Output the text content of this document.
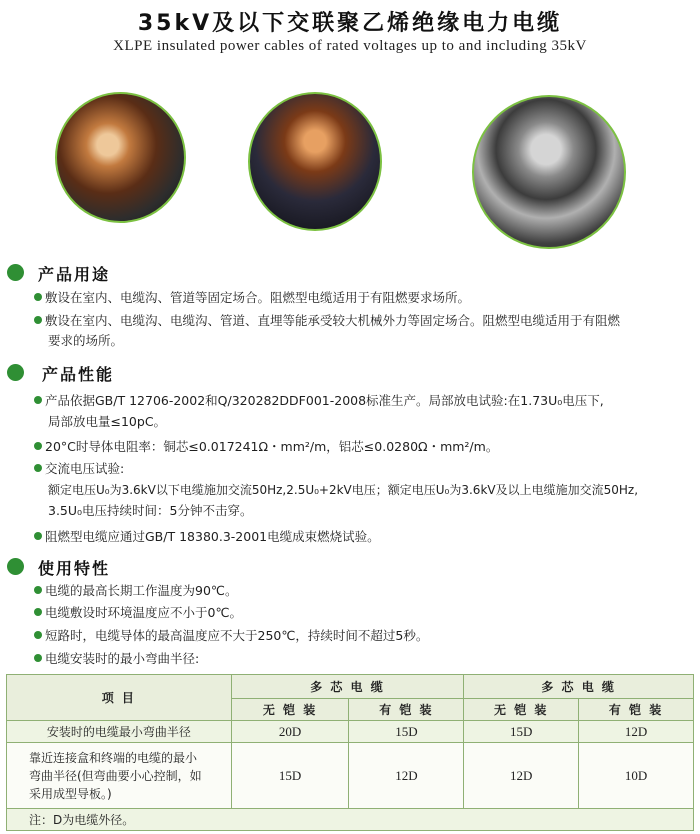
35kV及以下交联聚乙烯绝缘电力电缆
XLPE insulated power cables of rated voltages up to and including 35kV
产品用途
敷设在室内、电缆沟、管道等固定场合。阻燃型电缆适用于有阻燃要求场所。
敷设在室内、电缆沟、电缆沟、管道、直埋等能承受较大机械外力等固定场合。阻燃型电缆适用于有阻燃
要求的场所。
产品性能
产品依据GB/T 12706-2002和Q/320282DDF001-2008标准生产。局部放电试验:在1.73U₀电压下,
局部放电量≤10pC。
20°C时导体电阻率：铜芯≤0.017241Ω・mm²/m，铝芯≤0.0280Ω・mm²/m。
交流电压试验:
额定电压U₀为3.6kV以下电缆施加交流50Hz,2.5U₀+2kV电压；额定电压U₀为3.6kV及以上电缆施加交流50Hz,
3.5U₀电压持续时间：5分钟不击穿。
阻燃型电缆应通过GB/T 18380.3-2001电缆成束燃烧试验。
使用特性
电缆的最高长期工作温度为90℃。
电缆敷设时环境温度应不小于0℃。
短路时，电缆导体的最高温度应不大于250℃，持续时间不超过5秒。
电缆安装时的最小弯曲半径:
项 目	多 芯 电 缆		多 芯 电 缆	
	无 铠 装	有 铠 装	无 铠 装	有 铠 装
安装时的电缆最小弯曲半径	20D	15D	15D	12D

靠近连接盒和终端的电缆的最小
弯曲半径(但弯曲要小心控制，如
采用成型导板。)	15D	12D	12D	10D
注：D为电缆外径。				
